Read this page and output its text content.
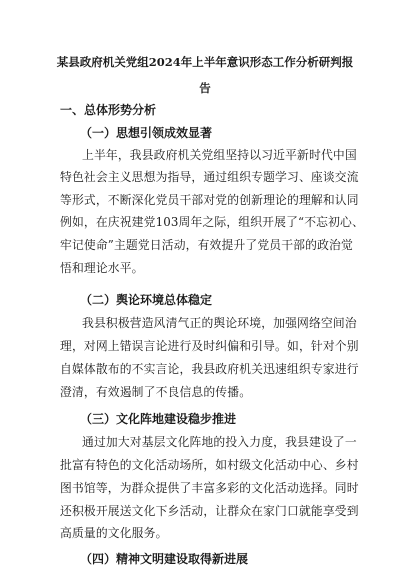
某县政府机关党组2024年上半年意识形态工作分析研判报
告
一、总体形势分析
（一）思想引领成效显著
上半年，我县政府机关党组坚持以习近平新时代中国
特色社会主义思想为指导，通过组织专题学习、座谈交流
等形式，不断深化党员干部对党的创新理论的理解和认同
例如，在庆祝建党103周年之际，组织开展了“不忘初心、
牢记使命”主题党日活动，有效提升了党员干部的政治觉
悟和理论水平。
（二）舆论环境总体稳定
我县积极营造风清气正的舆论环境，加强网络空间治
理，对网上错误言论进行及时纠偏和引导。如，针对个别
自媒体散布的不实言论，我县政府机关迅速组织专家进行
澄清，有效遏制了不良信息的传播。
（三）文化阵地建设稳步推进
通过加大对基层文化阵地的投入力度，我县建设了一
批富有特色的文化活动场所，如村级文化活动中心、乡村
图书馆等，为群众提供了丰富多彩的文化活动选择。同时
还积极开展送文化下乡活动，让群众在家门口就能享受到
高质量的文化服务。
（四）精神文明建设取得新进展
